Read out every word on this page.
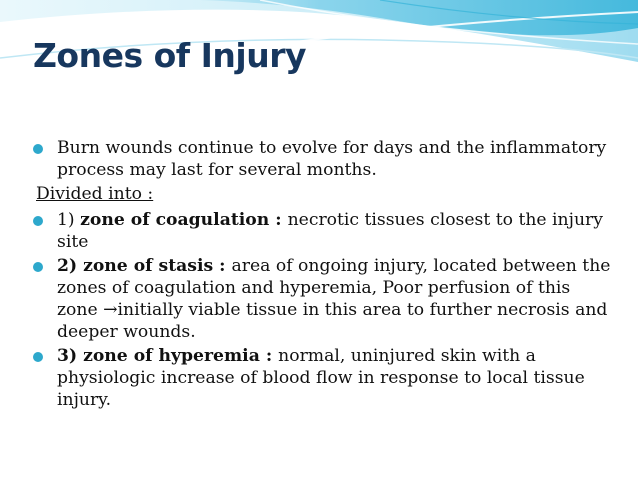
Zones of Injury
Burn wounds continue to evolve for days and the inflammatory process may last for several months.
Divided into :
1) zone of coagulation : necrotic tissues closest to the injury site
2) zone of stasis : area of ongoing injury, located between the zones of coagulation and hyperemia, Poor perfusion of this zone →initially viable tissue in this area to further necrosis and deeper wounds.
3) zone of hyperemia : normal, uninjured skin with a physiologic increase of blood flow in response to local tissue injury.
